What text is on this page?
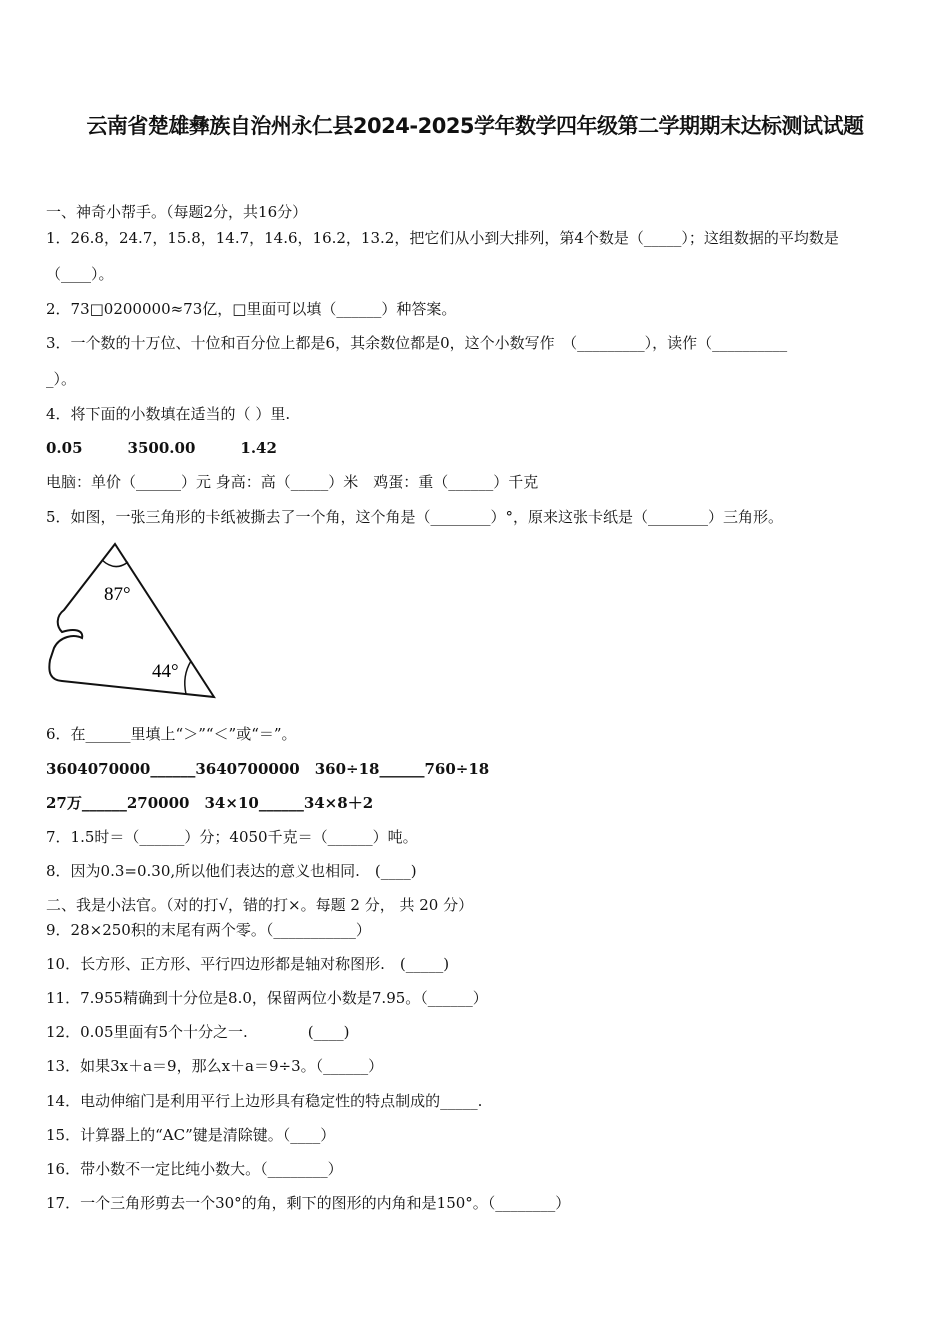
云南省楚雄彝族自治州永仁县2024-2025学年数学四年级第二学期期末达标测试试题
一、神奇小帮手。（每题2分，共16分）
1．26.8，24.7，15.8，14.7，14.6，16.2，13.2，把它们从小到大排列，第4个数是（_____）；这组数据的平均数是
（____）。
2．73□0200000≈73亿，□里面可以填（______）种答案。
3．一个数的十万位、十位和百分位上都是6，其余数位都是0，这个小数写作　（_________），读作（__________
_）。
4．将下面的小数填在适当的（ ）里.
0.05　　　3500.00　　　1.42
电脑：单价（______）元 身高：高（_____）米　鸡蛋：重（______）千克
5．如图，一张三角形的卡纸被撕去了一个角，这个角是（________）°，原来这张卡纸是（________）三角形。
87°
44°
6．在______里填上“＞”“＜”或“＝”。
3604070000______3640700000　360÷18______760÷18
27万______270000　34×10______34×8＋2
7．1.5时＝（______）分；4050千克＝（______）吨。
8．因为0.3=0.30,所以他们表达的意义也相同.　(____)
二、我是小法官。（对的打√，错的打×。每题 2 分， 共 20 分）
9．28×250积的末尾有两个零。（___________）
10．长方形、正方形、平行四边形都是轴对称图形.　(_____)
11．7.955精确到十分位是8.0，保留两位小数是7.95。（______）
12．0.05里面有5个十分之一.　　　　(____)
13．如果3x＋a＝9，那么x＋a＝9÷3。（______）
14．电动伸缩门是利用平行上边形具有稳定性的特点制成的_____.
15．计算器上的“AC”键是清除键。（____）
16．带小数不一定比纯小数大。（________）
17．一个三角形剪去一个30°的角，剩下的图形的内角和是150°。（________）
